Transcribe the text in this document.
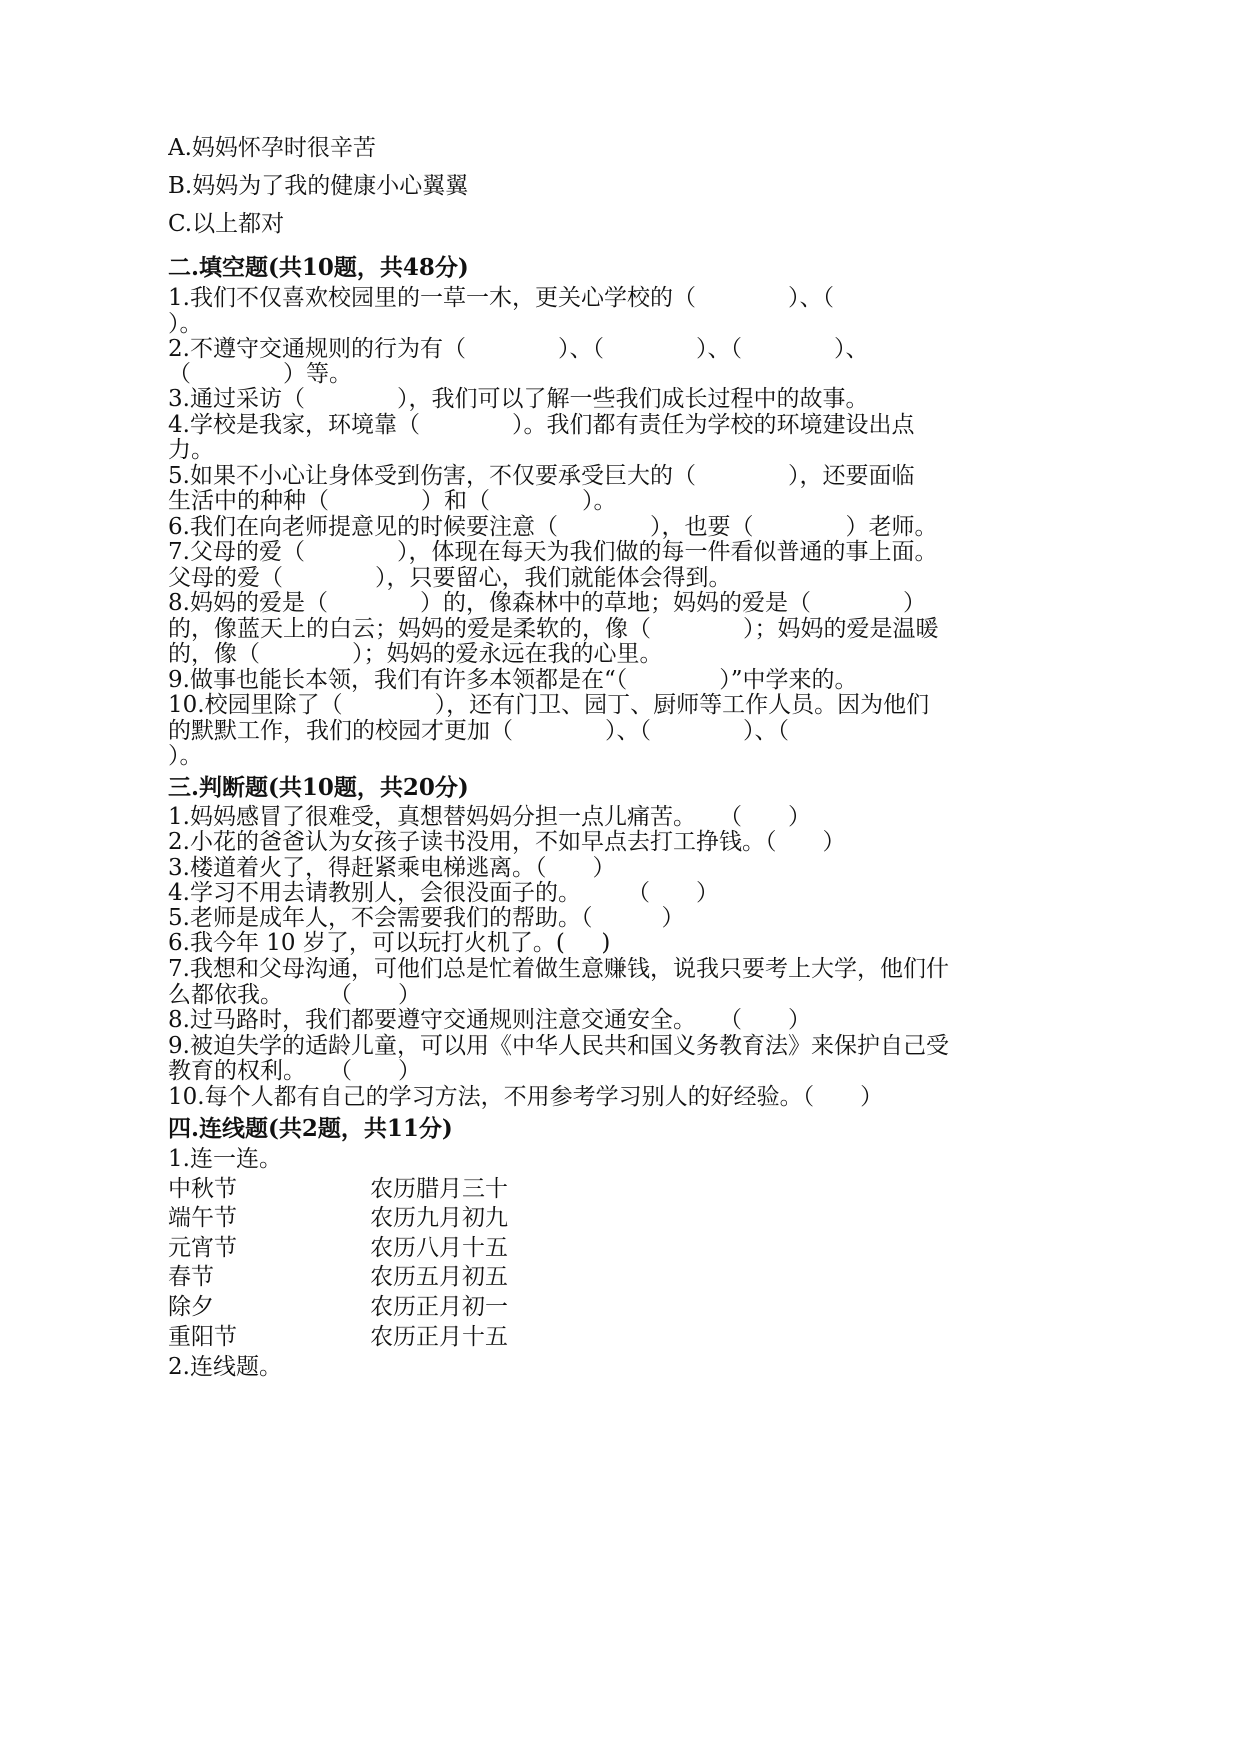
A.妈妈怀孕时很辛苦
B.妈妈为了我的健康小心翼翼
C.以上都对
二.填空题(共10题，共48分)
1.我们不仅喜欢校园里的一草一木，更关心学校的（　　　　）、（
）。
2.不遵守交通规则的行为有（　　　　）、（　　　　）、（　　　　）、
（　　　　）等。
3.通过采访（　　　　），我们可以了解一些我们成长过程中的故事。
4.学校是我家，环境靠（　　　　）。我们都有责任为学校的环境建设出点
力。
5.如果不小心让身体受到伤害，不仅要承受巨大的（　　　　），还要面临
生活中的种种（　　　　）和（　　　　）。
6.我们在向老师提意见的时候要注意（　　　　），也要（　　　　）老师。
7.父母的爱（　　　　），体现在每天为我们做的每一件看似普通的事上面。
父母的爱（　　　　），只要留心，我们就能体会得到。
8.妈妈的爱是（　　　　）的，像森林中的草地；妈妈的爱是（　　　　）
的，像蓝天上的白云；妈妈的爱是柔软的，像（　　　　）；妈妈的爱是温暖
的，像（　　　　）；妈妈的爱永远在我的心里。
9.做事也能长本领，我们有许多本领都是在“（　　　　）”中学来的。
10.校园里除了（　　　　），还有门卫、园丁、厨师等工作人员。因为他们
的默默工作，我们的校园才更加（　　　　）、（　　　　）、（
）。
三.判断题(共10题，共20分)
1.妈妈感冒了很难受，真想替妈妈分担一点儿痛苦。　　（　　）
2.小花的爸爸认为女孩子读书没用，不如早点去打工挣钱。（　　）
3.楼道着火了，得赶紧乘电梯逃离。（　　）
4.学习不用去请教别人，会很没面子的。　　　（　　）
5.老师是成年人，不会需要我们的帮助。（　　　）
6.我今年 10 岁了，可以玩打火机了。(     )
7.我想和父母沟通，可他们总是忙着做生意赚钱，说我只要考上大学，他们什
么都依我。　　　（　　）
8.过马路时，我们都要遵守交通规则注意交通安全。　　（　　）
9.被迫失学的适龄儿童，可以用《中华人民共和国义务教育法》来保护自己受
教育的权利。　　（　　）
10.每个人都有自己的学习方法，不用参考学习别人的好经验。（　　）
四.连线题(共2题，共11分)
1.连一连。
中秋节	农历腊月三十
端午节	农历九月初九
元宵节	农历八月十五
春节	农历五月初五
除夕	农历正月初一
重阳节	农历正月十五
2.连线题。
